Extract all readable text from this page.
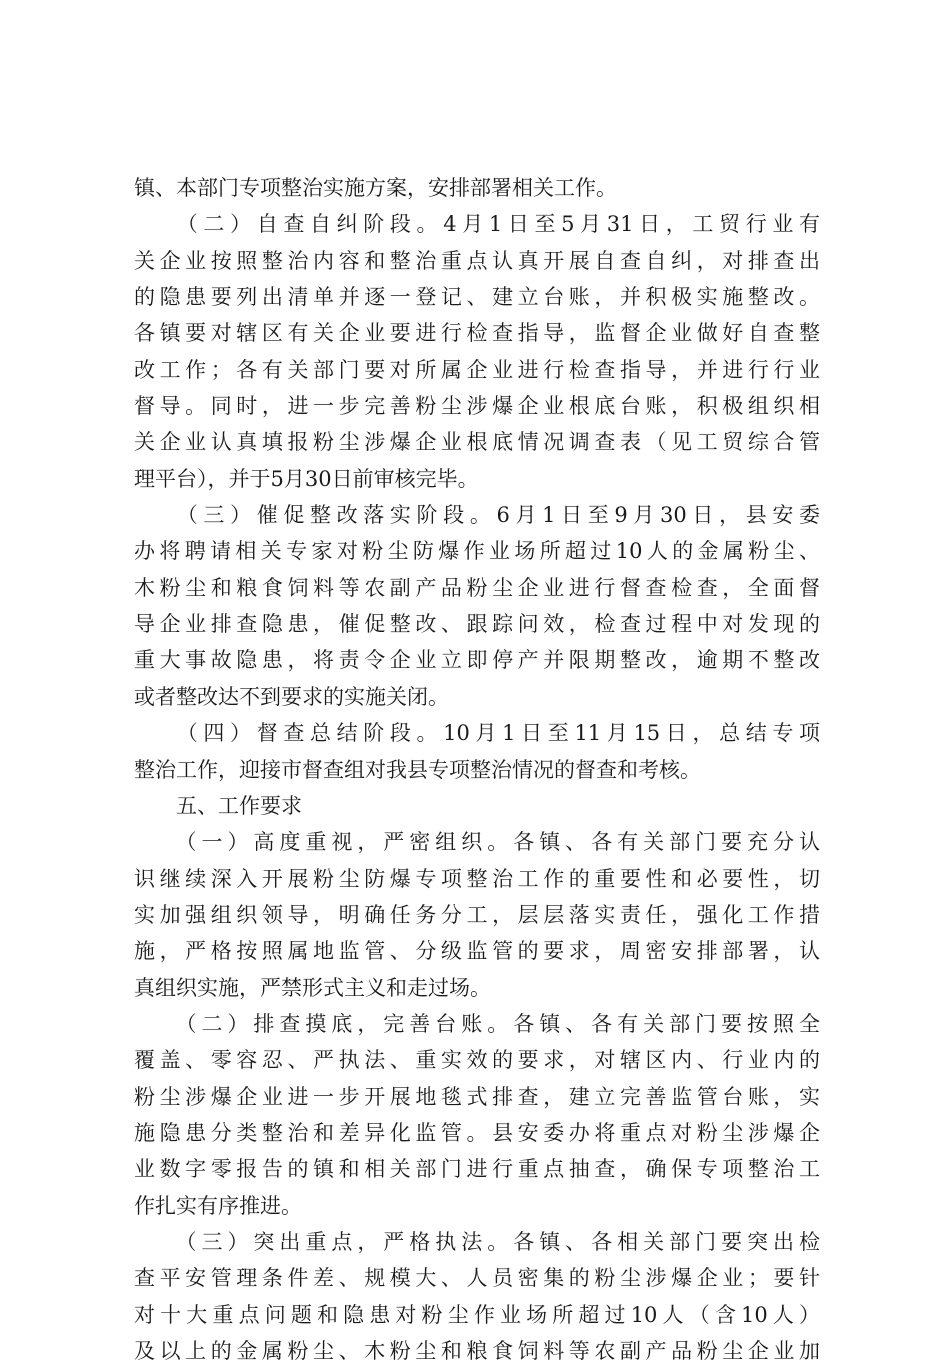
镇、本部门专项整治实施方案，安排部署相关工作。
　　（二）自查自纠阶段。4月1日至5月31日，工贸行业有
关企业按照整治内容和整治重点认真开展自查自纠，对排查出
的隐患要列出清单并逐一登记、建立台账，并积极实施整改。
各镇要对辖区有关企业要进行检查指导，监督企业做好自查整
改工作；各有关部门要对所属企业进行检查指导，并进行行业
督导。同时，进一步完善粉尘涉爆企业根底台账，积极组织相
关企业认真填报粉尘涉爆企业根底情况调查表（见工贸综合管
理平台），并于5月30日前审核完毕。
　　（三）催促整改落实阶段。6月1日至9月30日，县安委
办将聘请相关专家对粉尘防爆作业场所超过10人的金属粉尘、
木粉尘和粮食饲料等农副产品粉尘企业进行督查检查，全面督
导企业排查隐患，催促整改、跟踪问效，检查过程中对发现的
重大事故隐患，将责令企业立即停产并限期整改，逾期不整改
或者整改达不到要求的实施关闭。
　　（四）督查总结阶段。10月1日至11月15日，总结专项
整治工作，迎接市督查组对我县专项整治情况的督查和考核。
　　五、工作要求
　　（一）高度重视，严密组织。各镇、各有关部门要充分认
识继续深入开展粉尘防爆专项整治工作的重要性和必要性，切
实加强组织领导，明确任务分工，层层落实责任，强化工作措
施，严格按照属地监管、分级监管的要求，周密安排部署，认
真组织实施，严禁形式主义和走过场。
　　（二）排查摸底，完善台账。各镇、各有关部门要按照全
覆盖、零容忍、严执法、重实效的要求，对辖区内、行业内的
粉尘涉爆企业进一步开展地毯式排查，建立完善监管台账，实
施隐患分类整治和差异化监管。县安委办将重点对粉尘涉爆企
业数字零报告的镇和相关部门进行重点抽查，确保专项整治工
作扎实有序推进。
　　（三）突出重点，严格执法。各镇、各相关部门要突出检
查平安管理条件差、规模大、人员密集的粉尘涉爆企业；要针
对十大重点问题和隐患对粉尘作业场所超过10人（含10人）
及以上的金属粉尘、木粉尘和粮食饲料等农副产品粉尘企业加
